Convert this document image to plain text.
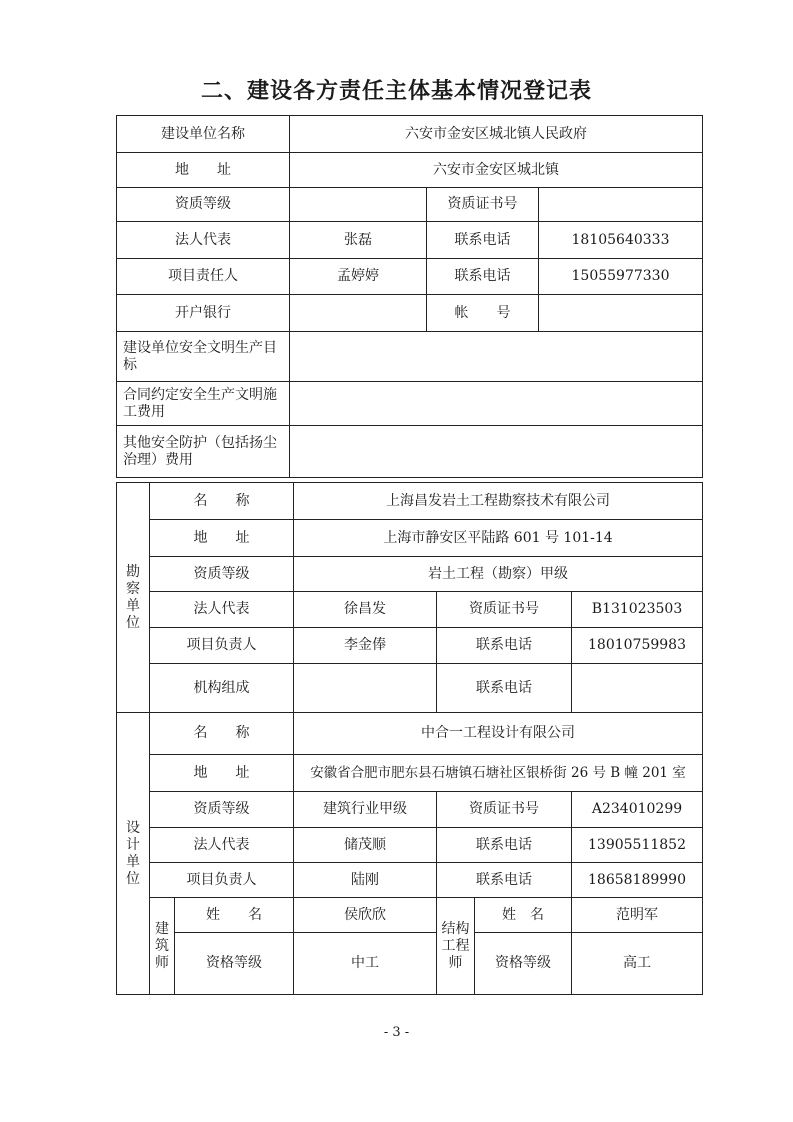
二、建设各方责任主体基本情况登记表
建设单位名称	六安市金安区城北镇人民政府		
地　　址	六安市金安区城北镇		
资质等级		资质证书号	
法人代表	张磊	联系电话	18105640333
项目责任人	孟婷婷	联系电话	15055977330
开户银行		帐　　号	
建设单位安全文明生产目标			
合同约定安全生产文明施工费用			
其他安全防护（包括扬尘治理）费用			
勘察单位	名　　称	上海昌发岩土工程勘察技术有限公司		
	地　　址	上海市静安区平陆路 601 号 101-14		
	资质等级	岩土工程（勘察）甲级		
	法人代表	徐昌发	资质证书号	B131023503
	项目负责人	李金俸	联系电话	18010759983
	机构组成		联系电话	
设计单位	名　　称		中合一工程设计有限公司			
	地　　址		安徽省合肥市肥东县石塘镇石塘社区银桥街 26 号 B 幢 201 室			
	资质等级		建筑行业甲级	资质证书号		A234010299
	法人代表		储茂顺	联系电话		13905511852
	项目负责人		陆刚	联系电话		18658189990

	建筑师	姓　　名	侯欣欣	结构工程师	姓　名	范明军
		资格等级	中工		资格等级	高工
- 3 -
